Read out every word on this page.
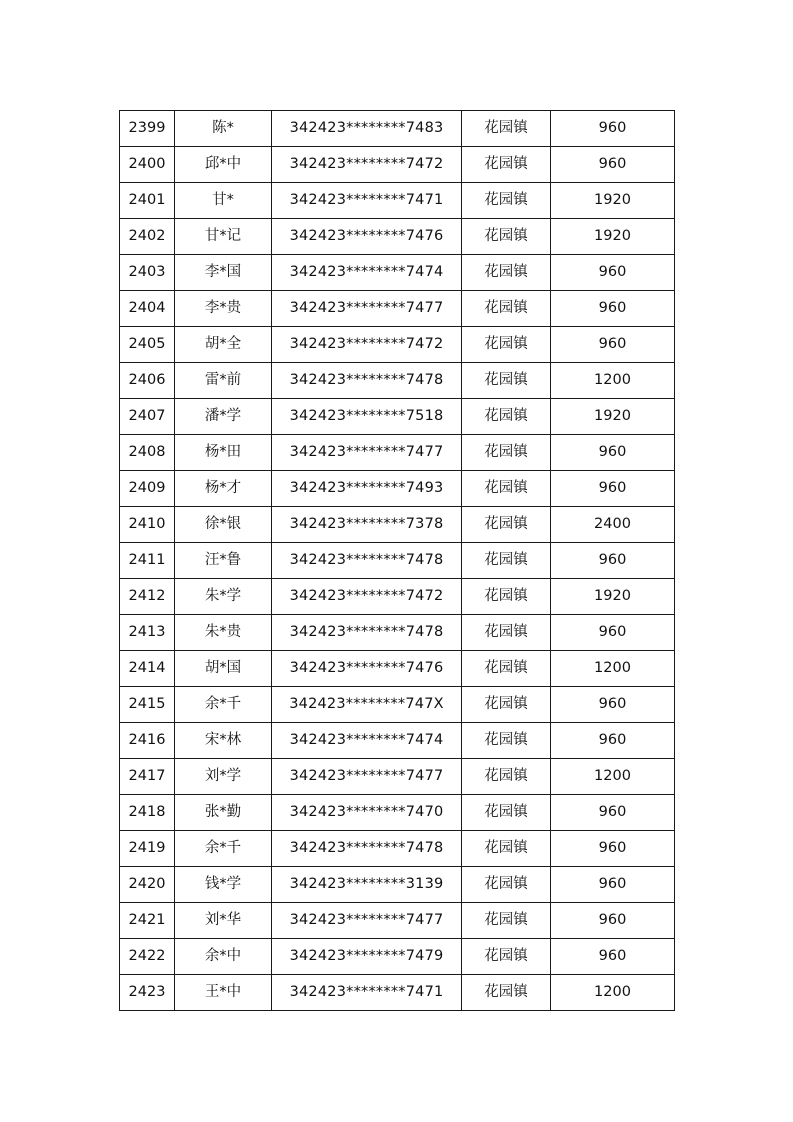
2399	陈*	342423********7483	花园镇	960
2400	邱*中	342423********7472	花园镇	960
2401	甘*	342423********7471	花园镇	1920
2402	甘*记	342423********7476	花园镇	1920
2403	李*国	342423********7474	花园镇	960
2404	李*贵	342423********7477	花园镇	960
2405	胡*全	342423********7472	花园镇	960
2406	雷*前	342423********7478	花园镇	1200
2407	潘*学	342423********7518	花园镇	1920
2408	杨*田	342423********7477	花园镇	960
2409	杨*才	342423********7493	花园镇	960
2410	徐*银	342423********7378	花园镇	2400
2411	汪*鲁	342423********7478	花园镇	960
2412	朱*学	342423********7472	花园镇	1920
2413	朱*贵	342423********7478	花园镇	960
2414	胡*国	342423********7476	花园镇	1200
2415	余*千	342423********747X	花园镇	960
2416	宋*林	342423********7474	花园镇	960
2417	刘*学	342423********7477	花园镇	1200
2418	张*勤	342423********7470	花园镇	960
2419	余*千	342423********7478	花园镇	960
2420	钱*学	342423********3139	花园镇	960
2421	刘*华	342423********7477	花园镇	960
2422	余*中	342423********7479	花园镇	960
2423	王*中	342423********7471	花园镇	1200
